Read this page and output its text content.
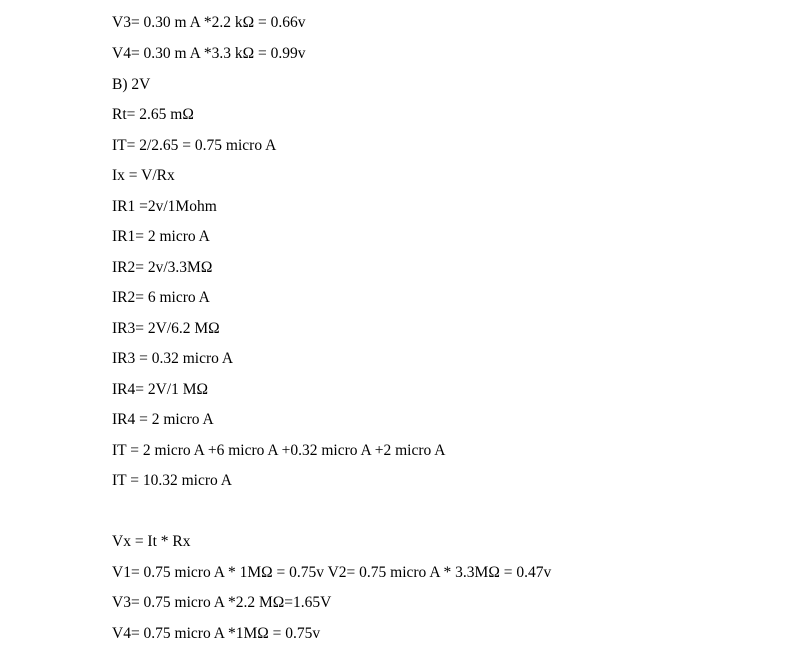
V3= 0.30 m A *2.2 kΩ = 0.66v
V4= 0.30 m A *3.3 kΩ = 0.99v
B) 2V
Rt= 2.65 mΩ
IT= 2/2.65 = 0.75 micro A
Ix = V/Rx
IR1 =2v/1Mohm
IR1= 2 micro A
IR2= 2v/3.3MΩ
IR2= 6 micro A
IR3= 2V/6.2 MΩ
IR3 = 0.32 micro A
IR4= 2V/1 MΩ
IR4 = 2 micro A
IT = 2 micro A +6 micro A +0.32 micro A +2 micro A
IT = 10.32 micro A
Vx = It * Rx
V1= 0.75 micro A * 1MΩ = 0.75v V2= 0.75 micro A * 3.3MΩ = 0.47v
V3= 0.75 micro A *2.2 MΩ=1.65V
V4= 0.75 micro A *1MΩ = 0.75v
